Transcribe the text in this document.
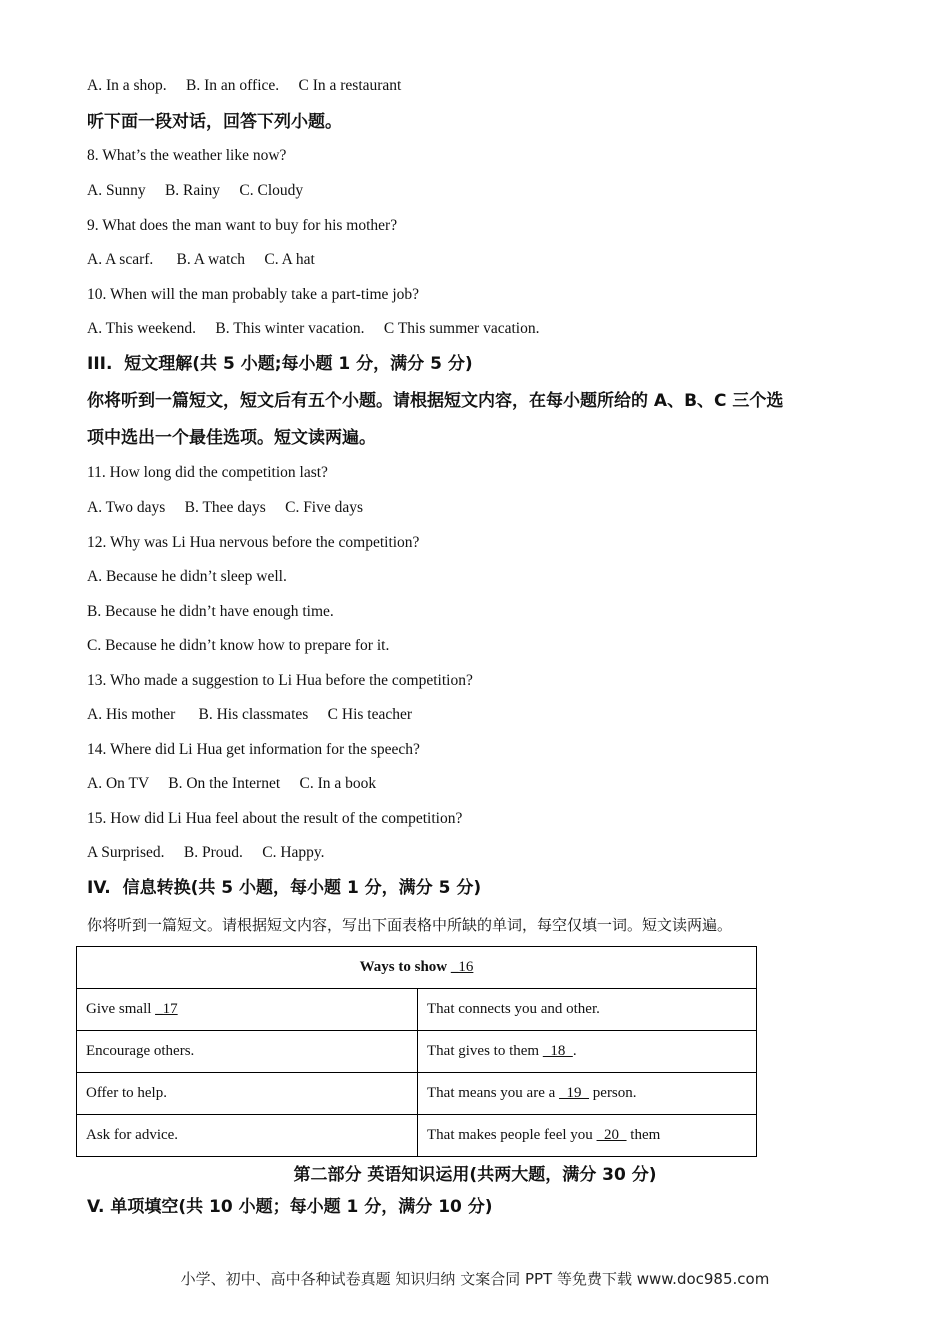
A. In a shop.     B. In an office.     C In a restaurant
听下面一段对话，回答下列小题。
8. What’s the weather like now?
A. Sunny     B. Rainy     C. Cloudy
9. What does the man want to buy for his mother?
A. A scarf.      B. A watch     C. A hat
10. When will the man probably take a part-time job?
A. This weekend.     B. This winter vacation.     C This summer vacation.
III.  短文理解(共 5 小题;每小题 1 分，满分 5 分)
你将听到一篇短文，短文后有五个小题。请根据短文内容，在每小题所给的 A、B、C 三个选
项中选出一个最佳选项。短文读两遍。
11. How long did the competition last?
A. Two days     B. Thee days     C. Five days
12. Why was Li Hua nervous before the competition?
A. Because he didn’t sleep well.
B. Because he didn’t have enough time.
C. Because he didn’t know how to prepare for it.
13. Who made a suggestion to Li Hua before the competition?
A. His mother      B. His classmates     C His teacher
14. Where did Li Hua get information for the speech?
A. On TV     B. On the Internet     C. In a book
15. How did Li Hua feel about the result of the competition?
A Surprised.     B. Proud.     C. Happy.
IV.  信息转换(共 5 小题，每小题 1 分，满分 5 分)
你将听到一篇短文。请根据短文内容，写出下面表格中所缺的单词，每空仅填一词。短文读两遍。
Ways to show _16	
Give small _17	That connects you and other.
Encourage others.	That gives to them   18  .
Offer to help.	That means you are a   19   person.
Ask for advice.	That makes people feel you   20   them
第二部分 英语知识运用(共两大题，满分 30 分)
V. 单项填空(共 10 小题；每小题 1 分，满分 10 分)
小学、初中、高中各种试卷真题 知识归纳 文案合同 PPT 等免费下载 www.doc985.com
